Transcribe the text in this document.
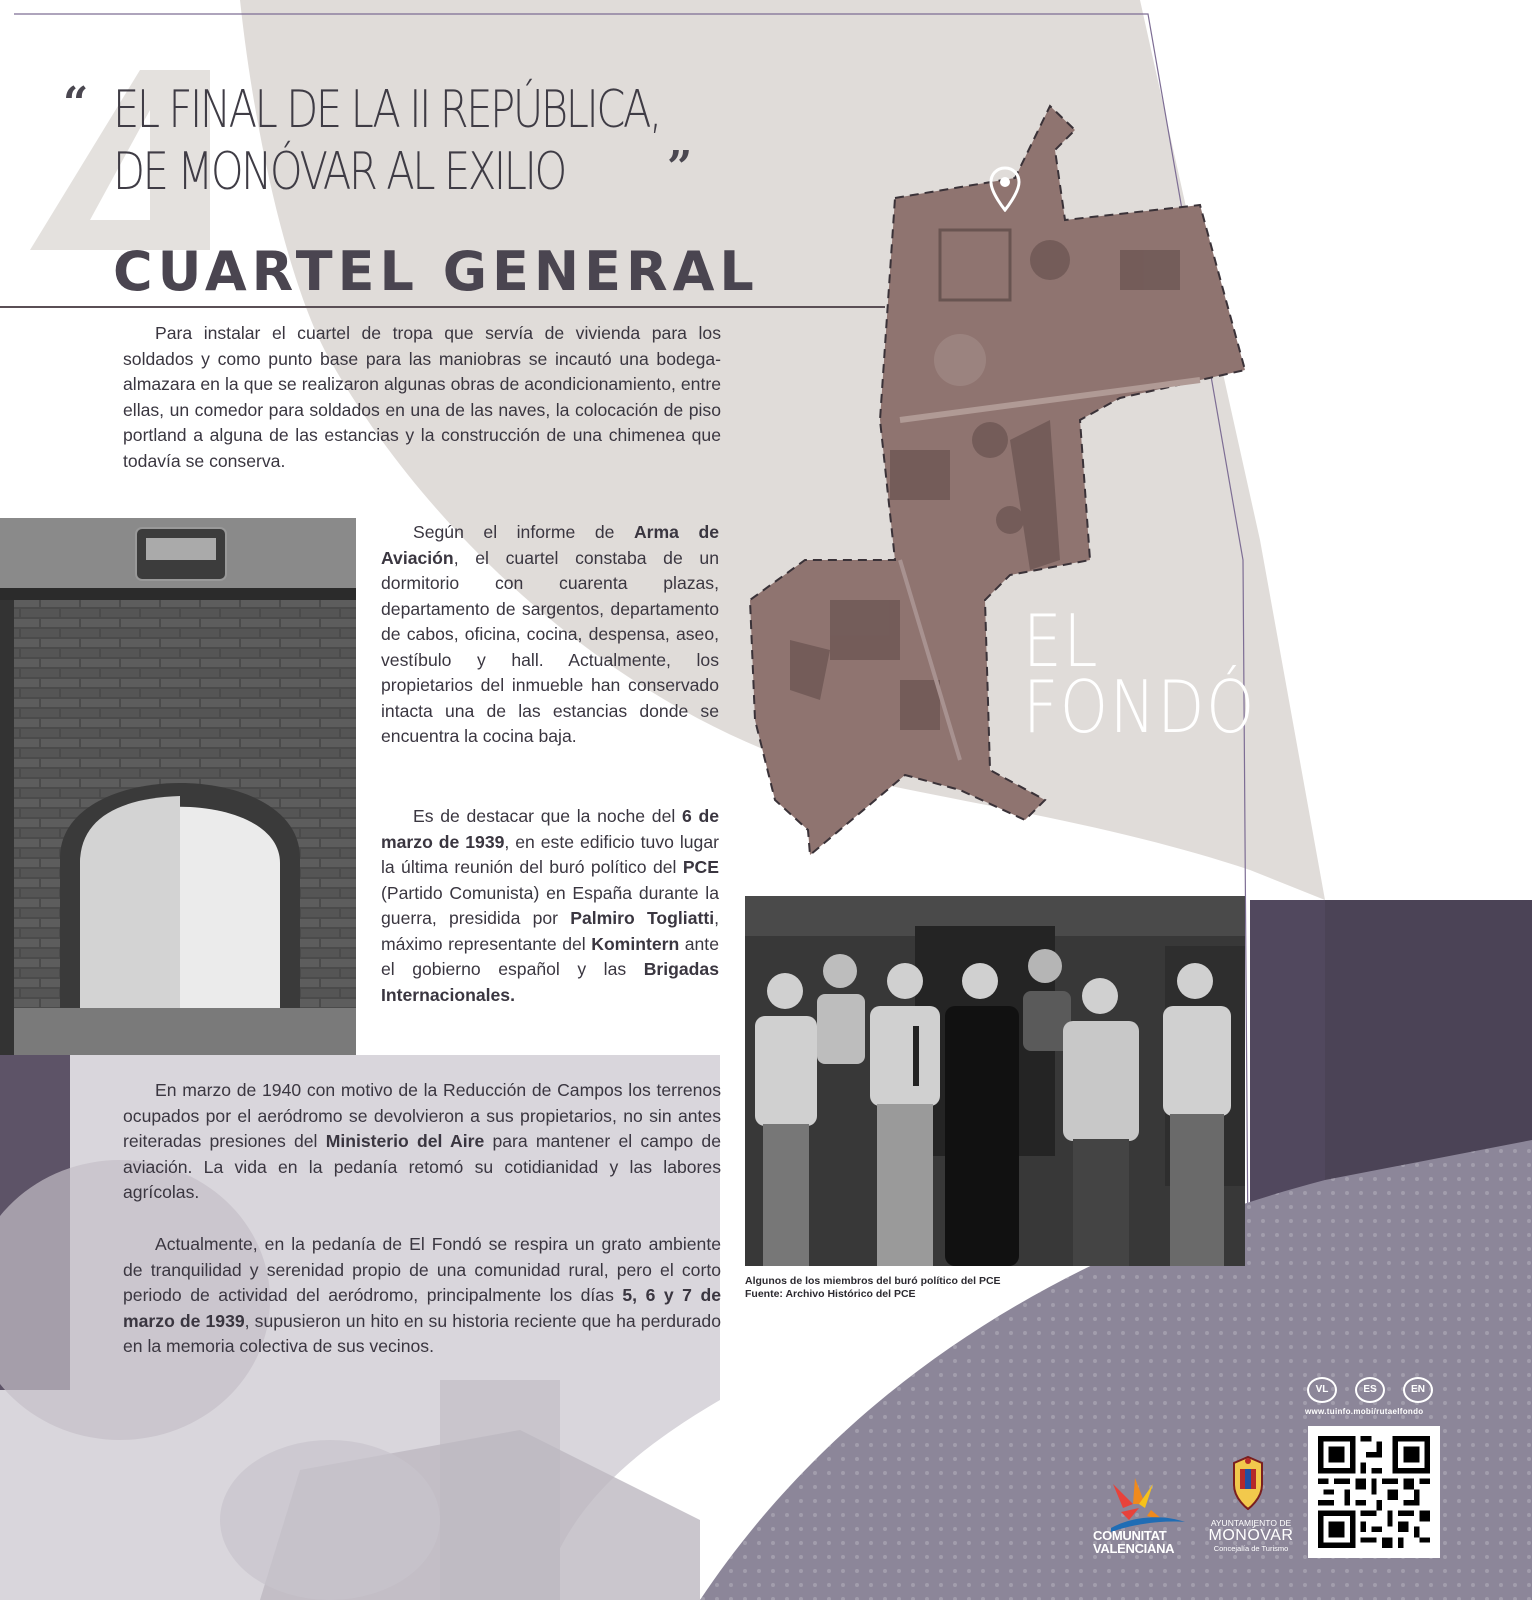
EL
FONDÓ
“ EL FINAL DE LA II REPÚBLICA,
DE MONÓVAR AL EXILIO ”
CUARTEL GENERAL

Para instalar el cuartel de tropa que servía de vivienda para los soldados y como punto base para las maniobras se incautó una bodega-almazara en la que se realizaron algunas obras de acondicionamiento, entre ellas, un comedor para soldados en una de las naves, la colocación de piso portland a alguna de las estancias y la construcción de una chimenea que todavía se conserva.

Según el informe de Arma de Aviación, el cuartel constaba de un dormitorio con cuarenta plazas, departamento de sargentos, departamento de cabos, oficina, cocina, despensa, aseo, vestíbulo y hall. Actualmente, los propietarios del inmueble han conservado intacta una de las estancias donde se encuentra la cocina baja.

Es de destacar que la noche del 6 de marzo de 1939, en este edificio tuvo lugar la última reunión del buró político del PCE (Partido Comunista) en España durante la guerra, presidida por Palmiro Togliatti, máximo representante del Komintern ante el gobierno español y las Brigadas Internacionales.

Algunos de los miembros del buró político del PCE
Fuente: Archivo Histórico del PCE

En marzo de 1940 con motivo de la Reducción de Campos los terrenos ocupados por el aeródromo se devolvieron a sus propietarios, no sin antes reiteradas presiones del Ministerio del Aire para mantener el campo de aviación. La vida en la pedanía retomó su cotidianidad y las labores agrícolas.

Actualmente, en la pedanía de El Fondó se respira un grato ambiente de tranquilidad y serenidad propio de una comunidad rural, pero el corto periodo de actividad del aeródromo, principalmente los días 5, 6 y 7 de marzo de 1939, supusieron un hito en su historia reciente que ha perdurado en la memoria colectiva de sus vecinos.

VL	ES	EN
www.tuinfo.mobi/rutaelfondo
COMUNITAT
VALENCIANA
AYUNTAMIENTO DE
MONÓVAR
Concejalía de Turismo
